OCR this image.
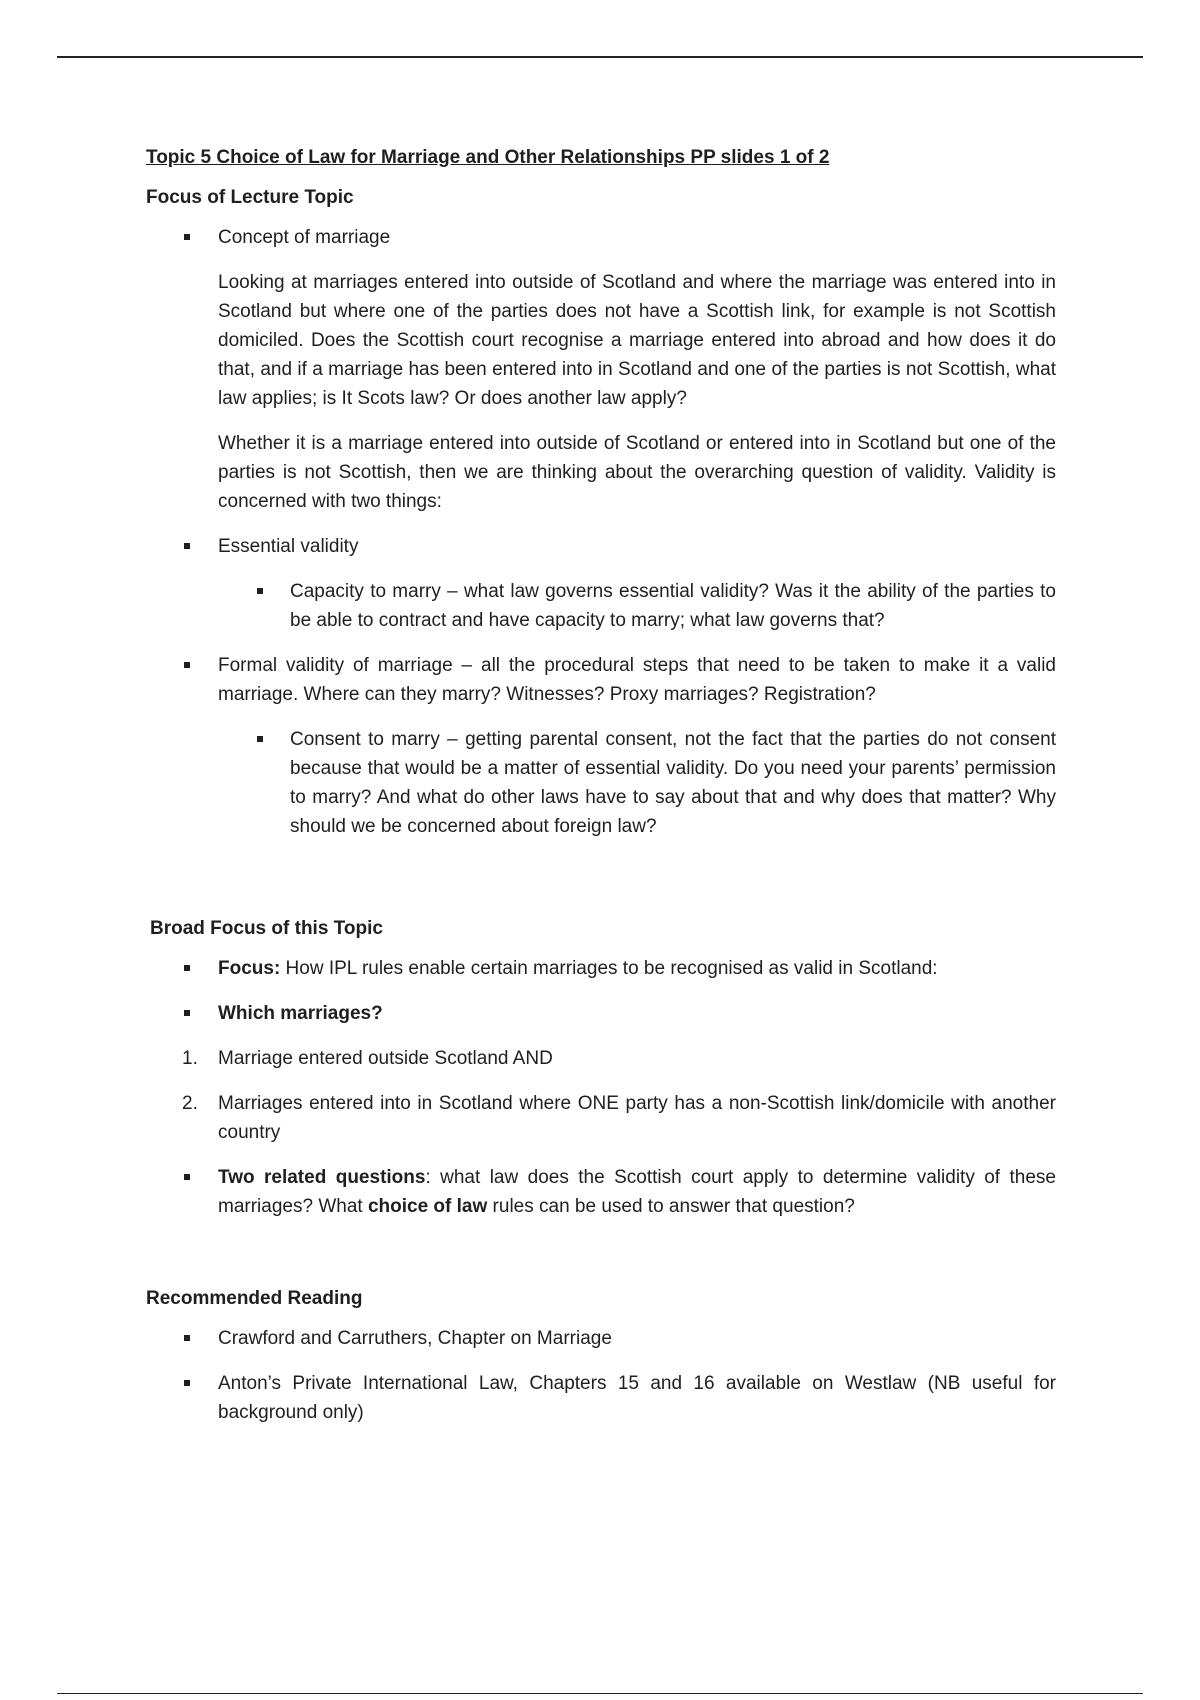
Topic 5 Choice of Law for Marriage and Other Relationships PP slides 1 of 2
Focus of Lecture Topic
Concept of marriage
Looking at marriages entered into outside of Scotland and where the marriage was entered into in Scotland but where one of the parties does not have a Scottish link, for example is not Scottish domiciled. Does the Scottish court recognise a marriage entered into abroad and how does it do that, and if a marriage has been entered into in Scotland and one of the parties is not Scottish, what law applies; is It Scots law? Or does another law apply?
Whether it is a marriage entered into outside of Scotland or entered into in Scotland but one of the parties is not Scottish, then we are thinking about the overarching question of validity. Validity is concerned with two things:
Essential validity
Capacity to marry – what law governs essential validity? Was it the ability of the parties to be able to contract and have capacity to marry; what law governs that?
Formal validity of marriage – all the procedural steps that need to be taken to make it a valid marriage. Where can they marry? Witnesses? Proxy marriages? Registration?
Consent to marry – getting parental consent, not the fact that the parties do not consent because that would be a matter of essential validity. Do you need your parents’ permission to marry? And what do other laws have to say about that and why does that matter? Why should we be concerned about foreign law?
Broad Focus of this Topic
Focus: How IPL rules enable certain marriages to be recognised as valid in Scotland:
Which marriages?
1. Marriage entered outside Scotland AND
2. Marriages entered into in Scotland where ONE party has a non-Scottish link/domicile with another country
Two related questions: what law does the Scottish court apply to determine validity of these marriages? What choice of law rules can be used to answer that question?
Recommended Reading
Crawford and Carruthers, Chapter on Marriage
Anton’s Private International Law, Chapters 15 and 16 available on Westlaw (NB useful for background only)
